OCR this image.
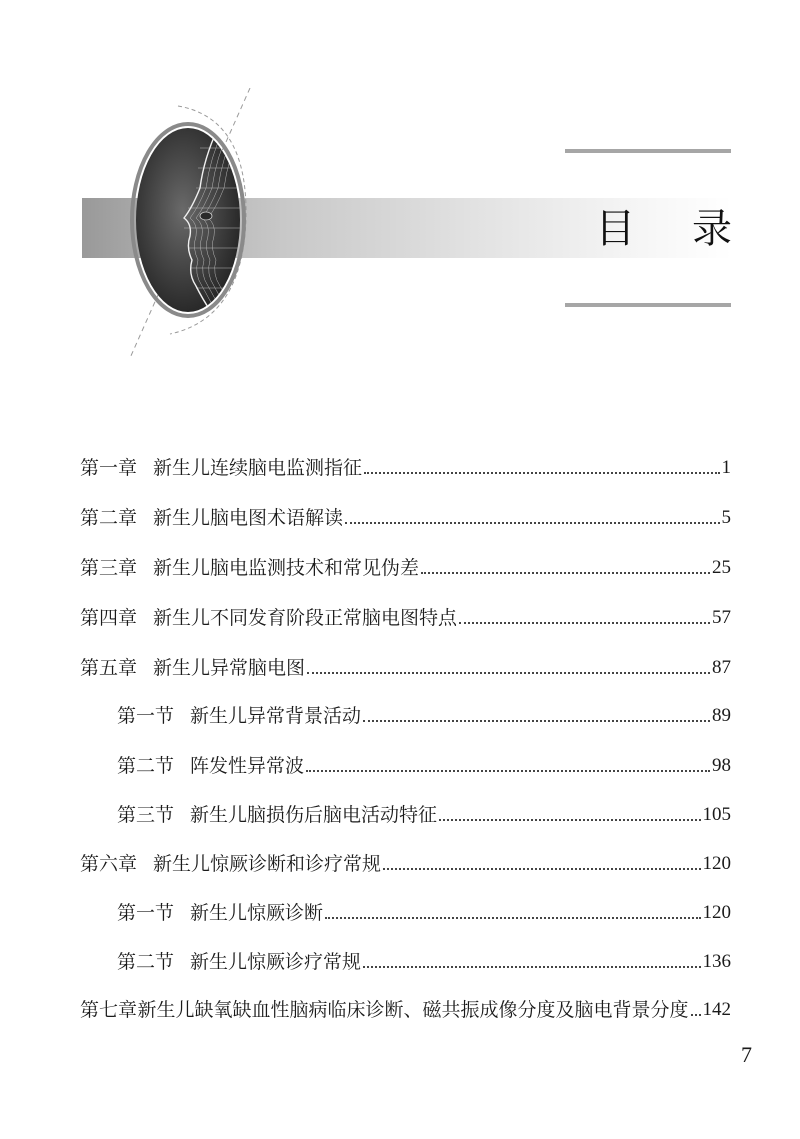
目 录
第一章 新生儿连续脑电监测指征	1
第二章 新生儿脑电图术语解读	5
第三章 新生儿脑电监测技术和常见伪差	25
第四章 新生儿不同发育阶段正常脑电图特点	57
第五章 新生儿异常脑电图	87
第一节 新生儿异常背景活动	89
第二节 阵发性异常波	98
第三节 新生儿脑损伤后脑电活动特征	105
第六章 新生儿惊厥诊断和诊疗常规	120
第一节 新生儿惊厥诊断	120
第二节 新生儿惊厥诊疗常规	136
第七章 新生儿缺氧缺血性脑病临床诊断、磁共振成像分度及脑电背景分度 142
7
